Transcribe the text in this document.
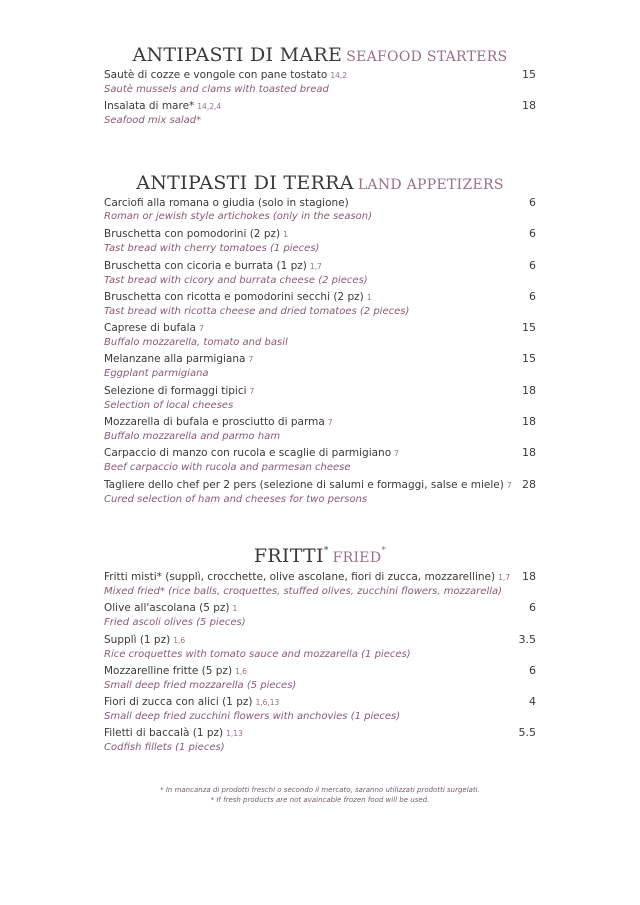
ANTIPASTI DI MARE SEAFOOD STARTERS
Sautè di cozze e vongole con pane tostato 14,2
Sautè mussels and clams with toasted bread
15
Insalata di mare* 14,2,4
Seafood mix salad*
18
ANTIPASTI DI TERRA LAND APPETIZERS
Carciofi alla romana o giudia (solo in stagione)
Roman or jewish style artichokes (only in the season)
6
Bruschetta con pomodorini (2 pz) 1
Tast bread with cherry tomatoes (1 pieces)
6
Bruschetta con cicoria e burrata (1 pz) 1,7
Tast bread with cicory and burrata cheese (2 pieces)
6
Bruschetta con ricotta e pomodorini secchi (2 pz) 1
Tast bread with ricotta cheese and dried tomatoes (2 pieces)
6
Caprese di bufala 7
Buffalo mozzarella, tomato and basil
15
Melanzane alla parmigiana 7
Eggplant parmigiana
15
Selezione di formaggi tipici 7
Selection of local cheeses
18
Mozzarella di bufala e prosciutto di parma 7
Buffalo mozzarella and parmo ham
18
Carpaccio di manzo con rucola e scaglie di parmigiano 7
Beef carpaccio with rucola and parmesan cheese
18
Tagliere dello chef per 2 pers (selezione di salumi e formaggi, salse e miele) 7
Cured selection of ham and cheeses for two persons
28
FRITTI* FRIED*
Fritti misti* (supplì, crocchette, olive ascolane, fiori di zucca, mozzarelline) 1,7
Mixed fried* (rice balls, croquettes, stuffed olives, zucchini flowers, mozzarella)
18
Olive all'ascolana (5 pz) 1
Fried ascoli olives (5 pieces)
6
Supplì (1 pz) 1,6
Rice croquettes with tomato sauce and mozzarella (1 pieces)
3.5
Mozzarelline fritte (5 pz) 1,6
Small deep fried mozzarella (5 pieces)
6
Fiori di zucca con alici (1 pz) 1,6,13
Small deep fried zucchini flowers with anchovies (1 pieces)
4
Filetti di baccalà (1 pz) 1,13
Codfish fillets (1 pieces)
5.5
* In mancanza di prodotti freschi o secondo il mercato, saranno utilizzati prodotti surgelati.
* If fresh products are not avaincable frozen food will be used.
